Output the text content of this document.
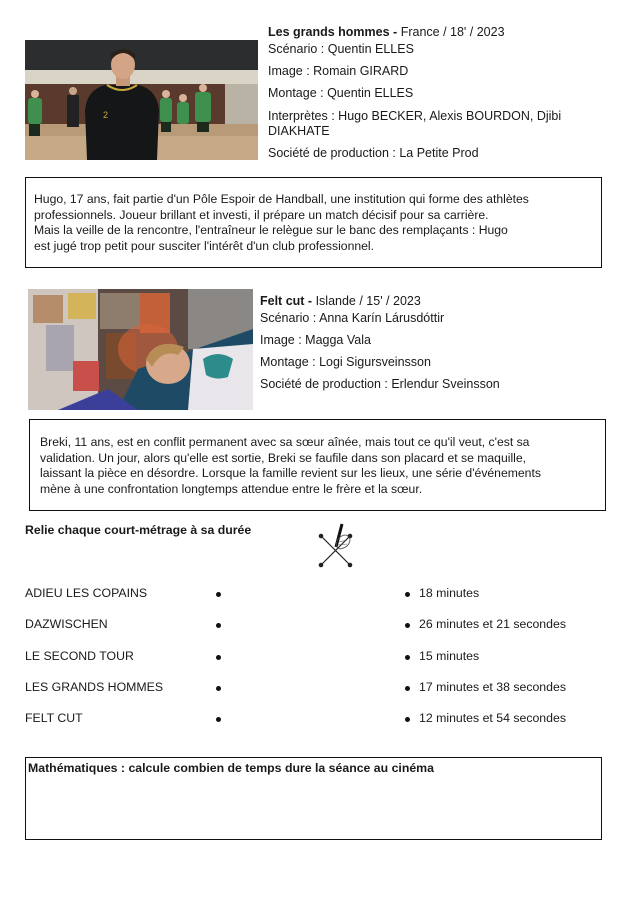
2
Les grands hommes - France / 18' / 2023
Scénario : Quentin ELLES
Image : Romain GIRARD
Montage : Quentin ELLES
Interprètes : Hugo BECKER, Alexis BOURDON, Djibi
DIAKHATE
Société de production : La Petite Prod
Hugo, 17 ans, fait partie d'un Pôle Espoir de Handball, une institution qui forme des athlètes
professionnels. Joueur brillant et investi, il prépare un match décisif pour sa carrière.
Mais la veille de la rencontre, l'entraîneur le relègue sur le banc des remplaçants : Hugo
est jugé trop petit pour susciter l'intérêt d'un club professionnel.
Felt cut - Islande / 15' / 2023
Scénario : Anna Karín Lárusdóttir
Image : Magga Vala
Montage : Logi Sigursveinsson
Société de production : Erlendur Sveinsson
Breki, 11 ans, est en conflit permanent avec sa sœur aînée, mais tout ce qu'il veut, c'est sa
validation. Un jour, alors qu'elle est sortie, Breki se faufile dans son placard et se maquille,
laissant la pièce en désordre. Lorsque la famille revient sur les lieux, une série d'événements
mène à une confrontation longtemps attendue entre le frère et la sœur.
Relie chaque court-métrage à sa durée
ADIEU LES COPAINS
DAZWISCHEN
LE SECOND TOUR
LES GRANDS HOMMES
FELT CUT
18 minutes
26 minutes et 21 secondes
15 minutes
17 minutes et 38 secondes
12 minutes et 54 secondes
Mathématiques : calcule combien de temps dure la séance au cinéma
